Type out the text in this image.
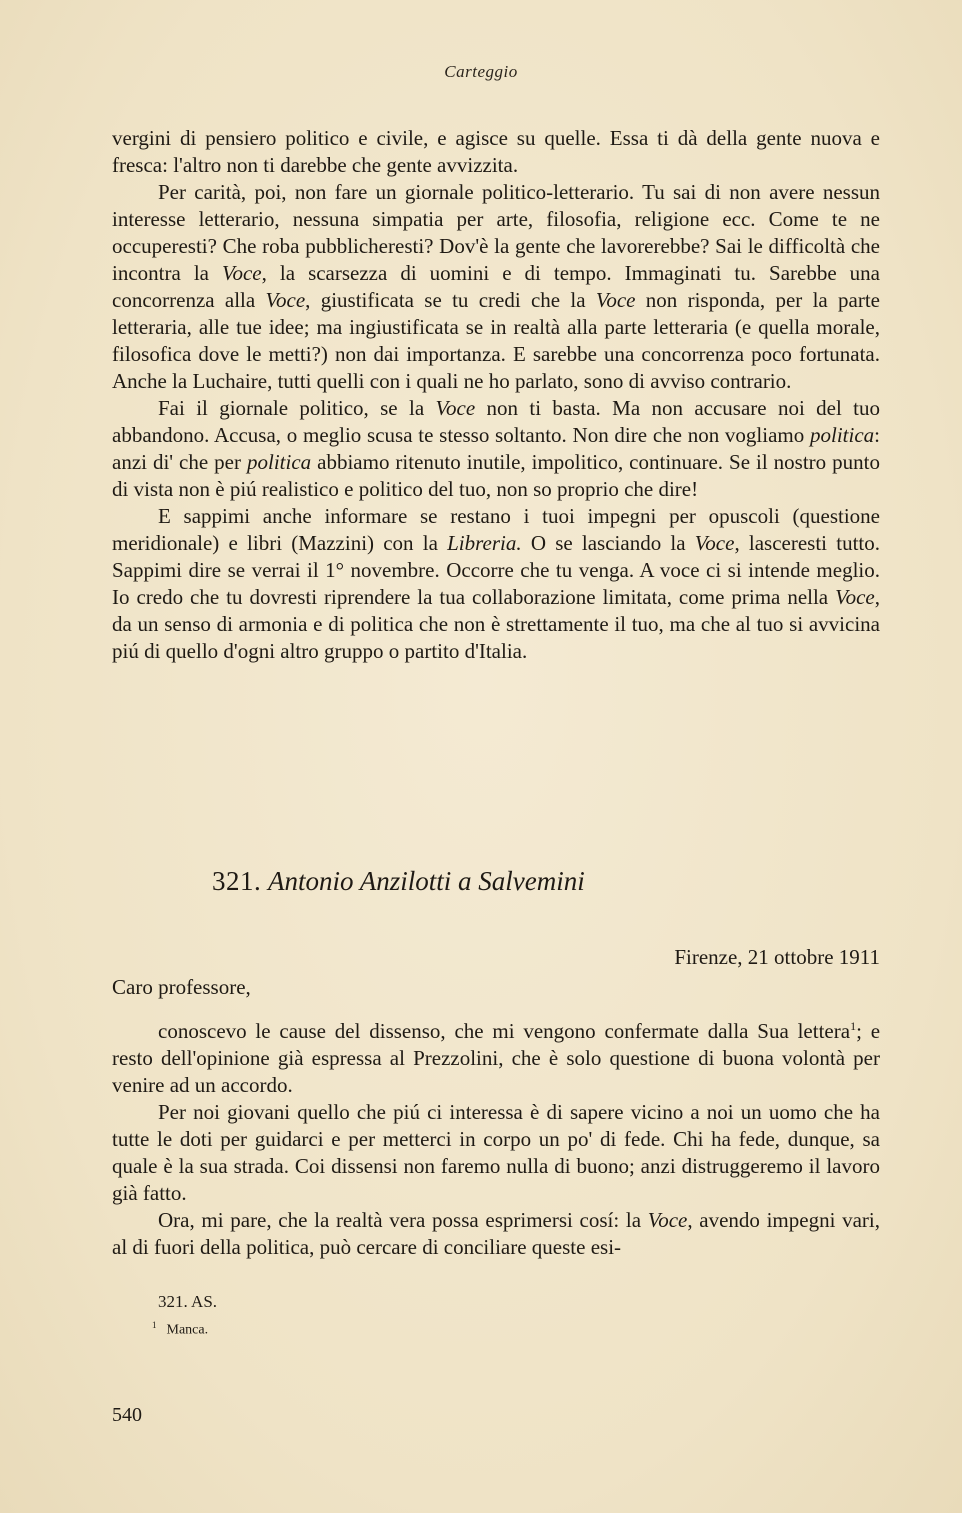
Carteggio

vergini di pensiero politico e civile, e agisce su quelle. Essa ti dà della gente nuova e fresca: l'altro non ti darebbe che gente avvizzita.

Per carità, poi, non fare un giornale politico-letterario. Tu sai di non avere nessun interesse letterario, nessuna simpatia per arte, filosofia, religione ecc. Come te ne occuperesti? Che roba pubblicheresti? Dov'è la gente che lavorerebbe? Sai le difficoltà che incontra la Voce, la scarsezza di uomini e di tempo. Immaginati tu. Sarebbe una concorrenza alla Voce, giustificata se tu credi che la Voce non risponda, per la parte letteraria, alle tue idee; ma ingiustificata se in realtà alla parte letteraria (e quella morale, filosofica dove le metti?) non dai importanza. E sarebbe una concorrenza poco fortunata. Anche la Luchaire, tutti quelli con i quali ne ho parlato, sono di avviso contrario.

Fai il giornale politico, se la Voce non ti basta. Ma non accusare noi del tuo abbandono. Accusa, o meglio scusa te stesso soltanto. Non dire che non vogliamo politica: anzi di' che per politica abbiamo ritenuto inutile, impolitico, continuare. Se il nostro punto di vista non è piú realistico e politico del tuo, non so proprio che dire!

E sappimi anche informare se restano i tuoi impegni per opuscoli (questione meridionale) e libri (Mazzini) con la Libreria. O se lasciando la Voce, lasceresti tutto. Sappimi dire se verrai il 1° novembre. Occorre che tu venga. A voce ci si intende meglio. Io credo che tu dovresti riprendere la tua collaborazione limitata, come prima nella Voce, da un senso di armonia e di politica che non è strettamente il tuo, ma che al tuo si avvicina piú di quello d'ogni altro gruppo o partito d'Italia.

321. Antonio Anzilotti a Salvemini
Firenze, 21 ottobre 1911
Caro professore,

conoscevo le cause del dissenso, che mi vengono confermate dalla Sua lettera$^1$; e resto dell'opinione già espressa al Prezzolini, che è solo questione di buona volontà per venire ad un accordo.

Per noi giovani quello che piú ci interessa è di sapere vicino a noi un uomo che ha tutte le doti per guidarci e per metterci in corpo un po' di fede. Chi ha fede, dunque, sa quale è la sua strada. Coi dissensi non faremo nulla di buono; anzi distruggeremo il lavoro già fatto.

Ora, mi pare, che la realtà vera possa esprimersi cosí: la Voce, avendo impegni vari, al di fuori della politica, può cercare di conciliare queste esi-

321. AS.
$^1$ Manca.
540
